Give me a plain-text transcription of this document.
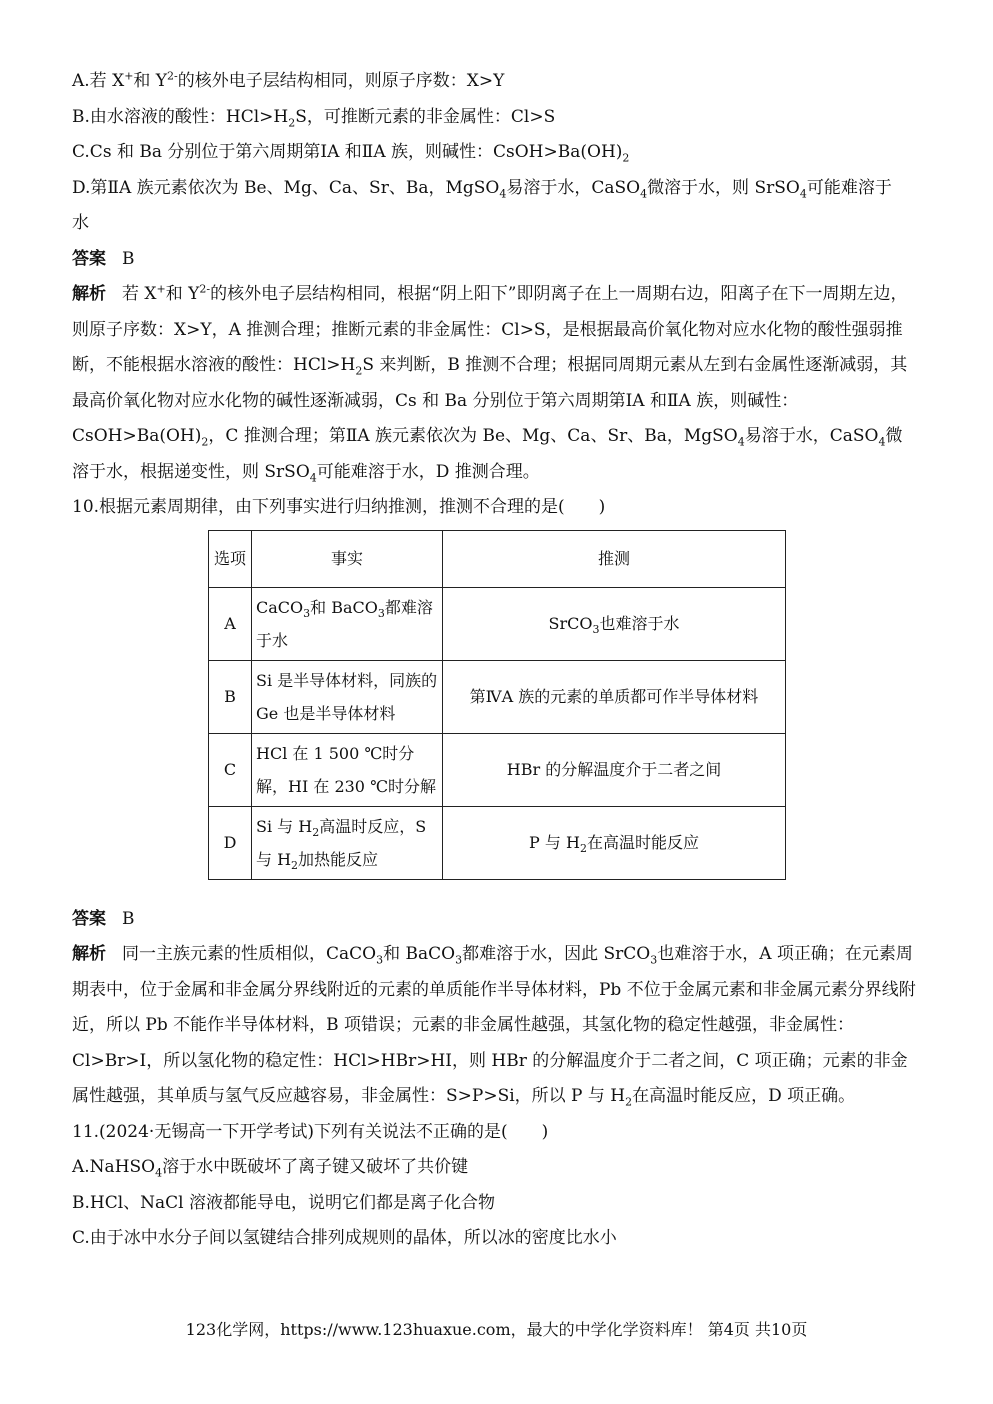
A.若 X+和 $Y^{2-}$的核外电子层结构相同，则原子序数：X>Y
B.由水溶液的酸性：$HCl>H_2S$，可推断元素的非金属性：Cl>S
C.Cs 和 Ba 分别位于第六周期第ⅠA 和ⅡA 族，则碱性：$CsOH>Ba(OH)_2$
D.第ⅡA 族元素依次为 Be、Mg、Ca、Sr、Ba，MgSO$_4$易溶于水，CaSO$_4$微溶于水，则 SrSO$_4$可能难溶于
水
答案 B
解析 若 X+和 $Y^{2-}$的核外电子层结构相同，根据“阴上阳下”即阴离子在上一周期右边，阳离子在下一周期左边，则原子序数：X>Y，A 推测合理；推断元素的非金属性：Cl>S，是根据最高价氧化物对应水化物的酸性强弱推断，不能根据水溶液的酸性：$HCl>H_2S$ 来判断，B 推测不合理；根据同周期元素从左到右金属性逐渐减弱，其最高价氧化物对应水化物的碱性逐渐减弱，Cs 和 Ba 分别位于第六周期第ⅠA 和ⅡA 族，则碱性：$CsOH>Ba(OH)_2$，C 推测合理；第ⅡA 族元素依次为 Be、Mg、Ca、Sr、Ba，MgSO$_4$易溶于水，CaSO$_4$微溶于水，根据递变性，则 SrSO$_4$可能难溶于水，D 推测合理。
10.根据元素周期律，由下列事实进行归纳推测，推测不合理的是(　　)
选项	事实	推测
A	CaCO$_3$和 BaCO$_3$都难溶于水	SrCO$_3$也难溶于水
B	Si 是半导体材料，同族的 Ge 也是半导体材料	第ⅣA 族的元素的单质都可作半导体材料
C	HCl 在 1 500 ℃时分解，HI 在 230 ℃时分解	HBr 的分解温度介于二者之间
D	Si 与 $H_2$高温时反应，S 与 $H_2$加热能反应	P 与 $H_2$在高温时能反应
答案 B
解析 同一主族元素的性质相似，CaCO$_3$和 BaCO$_3$都难溶于水，因此 SrCO$_3$也难溶于水，A 项正确；在元素周期表中，位于金属和非金属分界线附近的元素的单质能作半导体材料，Pb 不位于金属元素和非金属元素分界线附近，所以 Pb 不能作半导体材料，B 项错误；元素的非金属性越强，其氢化物的稳定性越强，非金属性：Cl>Br>I，所以氢化物的稳定性：HCl>HBr>HI，则 HBr 的分解温度介于二者之间，C 项正确；元素的非金属性越强，其单质与氢气反应越容易，非金属性：S>P>Si，所以 P 与 $H_2$在高温时能反应，D 项正确。
11.(2024·无锡高一下开学考试)下列有关说法不正确的是(　　)
A.NaHSO$_4$溶于水中既破坏了离子键又破坏了共价键
B.HCl、NaCl 溶液都能导电，说明它们都是离子化合物
C.由于冰中水分子间以氢键结合排列成规则的晶体，所以冰的密度比水小
123化学网，https://www.123huaxue.com，最大的中学化学资料库！ 第4页 共10页
